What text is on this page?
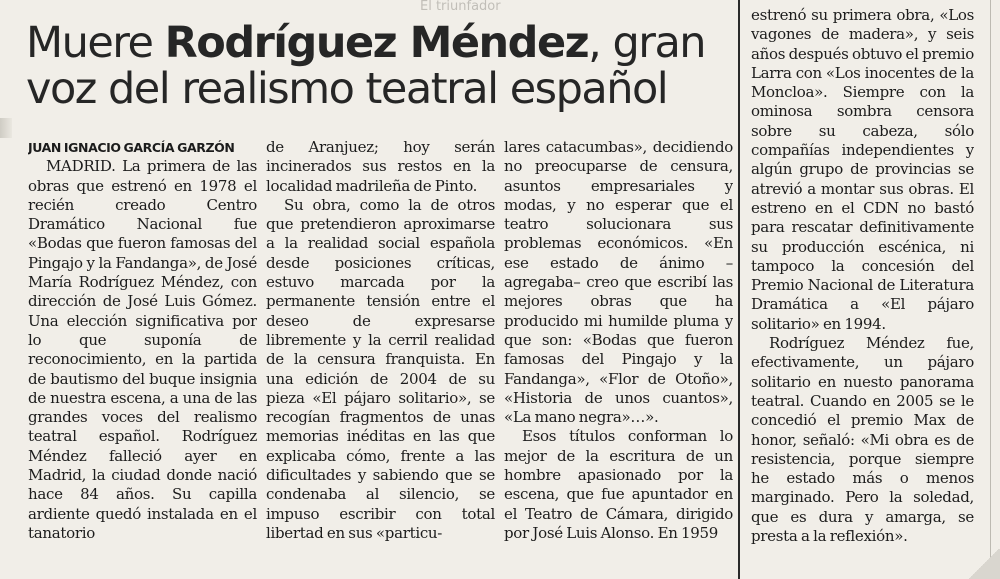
El triunfador
Muere Rodríguez Méndez, gran voz del realismo teatral español
JUAN IGNACIO GARCÍA GARZÓN

MADRID. La primera de las obras que estrenó en 1978 el recién creado Centro Dramático Nacional fue «Bodas que fueron famosas del Pingajo y la Fandanga», de José María Rodríguez Méndez, con dirección de José Luis Gómez. Una elección significativa por lo que suponía de reconocimiento, en la partida de bautismo del buque insignia de nuestra escena, a una de las grandes voces del realismo teatral español. Rodríguez Méndez falleció ayer en Madrid, la ciudad donde nació hace 84 años. Su capilla ardiente quedó instalada en el tanatorio

de Aranjuez; hoy serán incinerados sus restos en la localidad madrileña de Pinto.

Su obra, como la de otros que pretendieron aproximarse a la realidad social española desde posiciones críticas, estuvo marcada por la permanente tensión entre el deseo de expresarse libremente y la cerril realidad de la censura franquista. En una edición de 2004 de su pieza «El pájaro solitario», se recogían fragmentos de unas memorias inéditas en las que explicaba cómo, frente a las dificultades y sabiendo que se condenaba al silencio, se impuso escribir con total libertad en sus «particu-

lares catacumbas», decidiendo no preocuparse de censura, asuntos empresariales y modas, y no esperar que el teatro solucionara sus problemas económicos. «En ese estado de ánimo –agregaba– creo que escribí las mejores obras que ha producido mi humilde pluma y que son: «Bodas que fueron famosas del Pingajo y la Fandanga», «Flor de Otoño», «Historia de unos cuantos», «La mano negra»…».

Esos títulos conforman lo mejor de la escritura de un hombre apasionado por la escena, que fue apuntador en el Teatro de Cámara, dirigido por José Luis Alonso. En 1959

estrenó su primera obra, «Los vagones de madera», y seis años después obtuvo el premio Larra con «Los inocentes de la Moncloa». Siempre con la ominosa sombra censora sobre su cabeza, sólo compañías independientes y algún grupo de provincias se atrevió a montar sus obras. El estreno en el CDN no bastó para rescatar definitivamente su producción escénica, ni tampoco la concesión del Premio Nacional de Literatura Dramática a «El pájaro solitario» en 1994.

Rodríguez Méndez fue, efectivamente, un pájaro solitario en nuesto panorama teatral. Cuando en 2005 se le concedió el premio Max de honor, señaló: «Mi obra es de resistencia, porque siempre he estado más o menos marginado. Pero la soledad, que es dura y amarga, se presta a la reflexión».
